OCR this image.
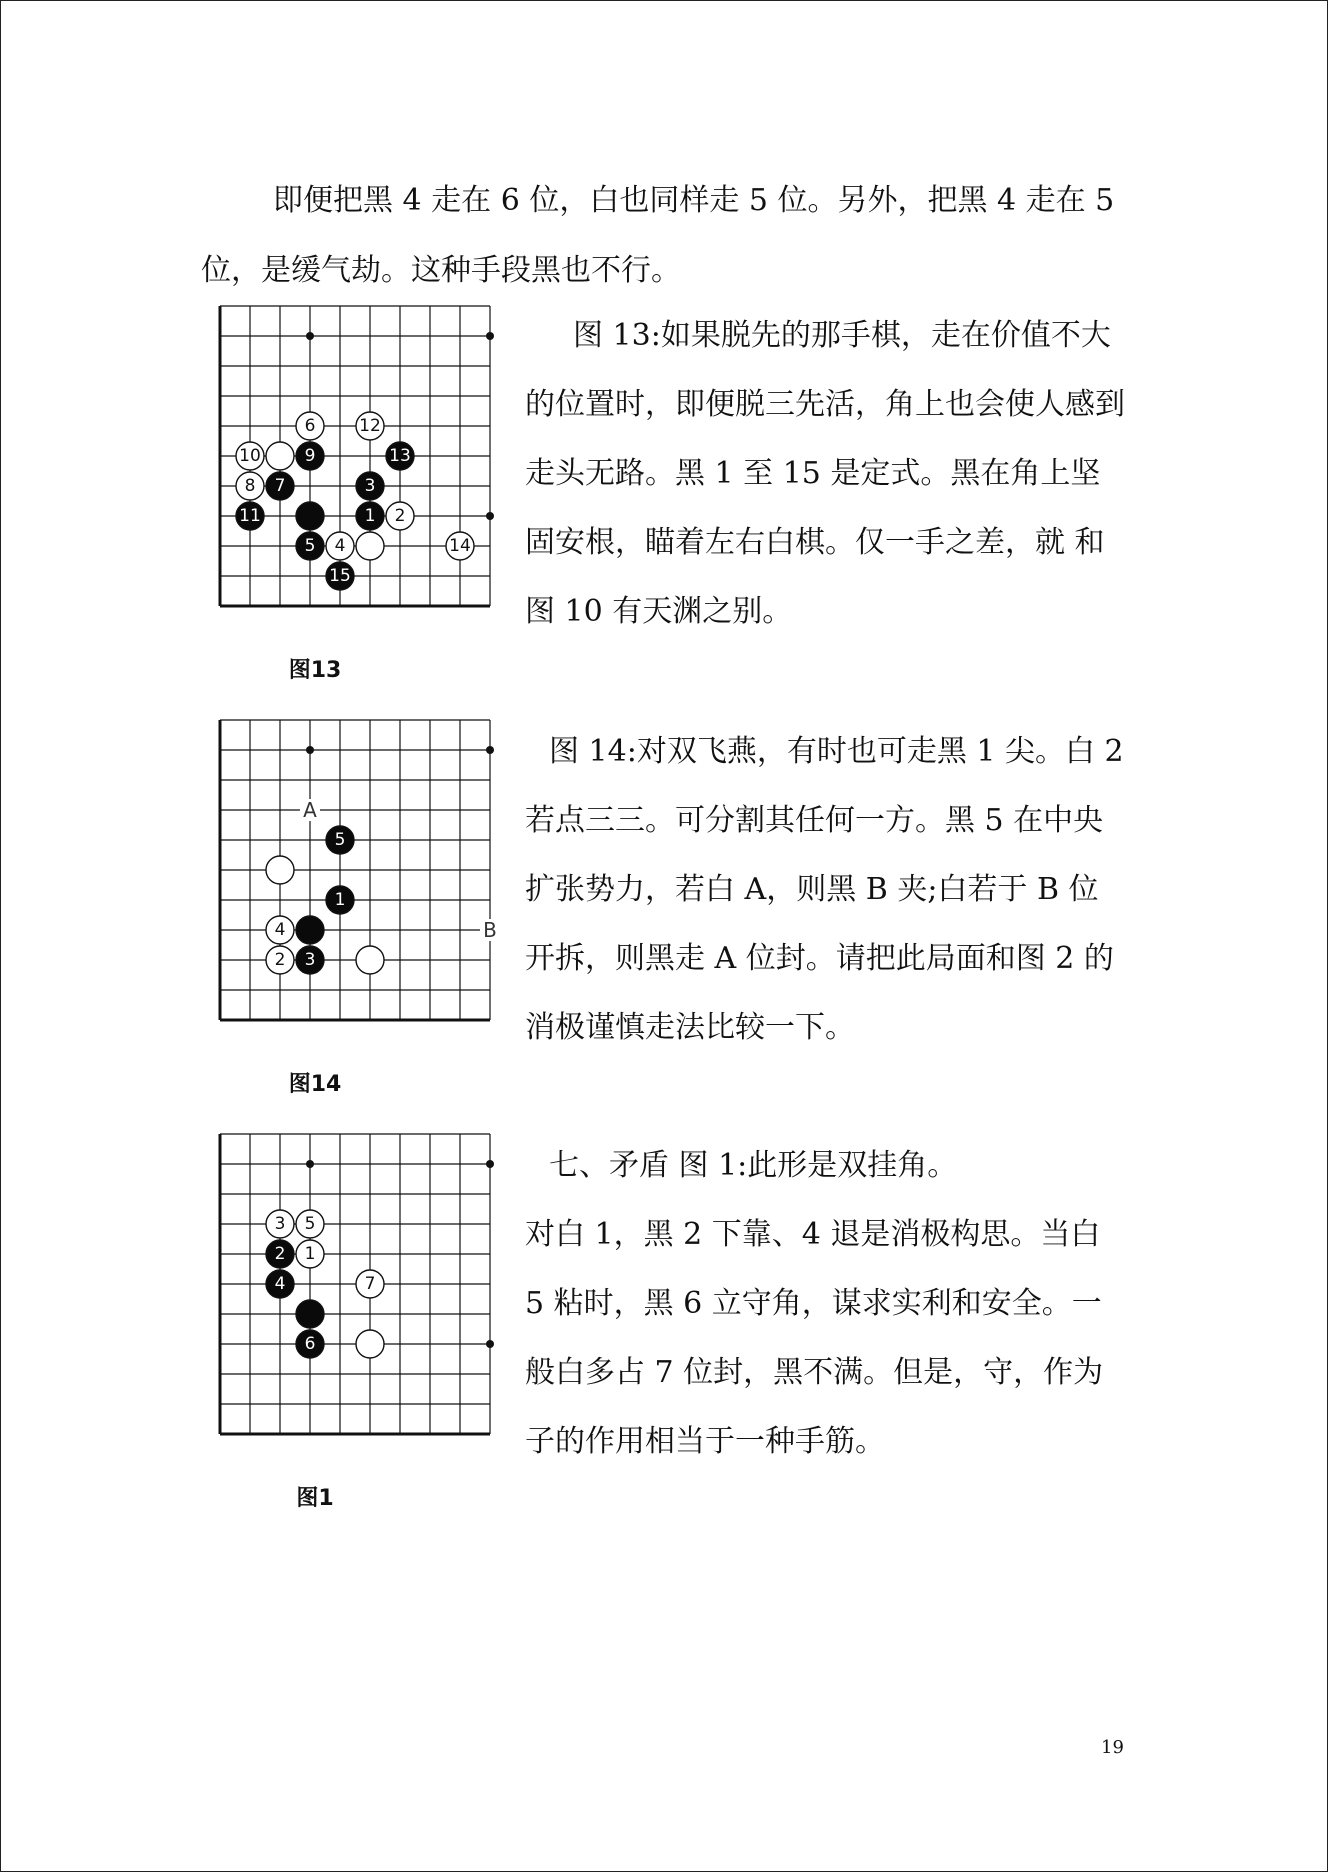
即便把黑 4 走在 6 位，白也同样走 5 位。另外，把黑 4 走在 5 位，是缓气劫。这种手段黑也不行。

6	12
10	9	13
8 7	3
11	1 2
5 4	14
15
图13

图 13:如果脱先的那手棋，走在价值不大的位置时，即便脱三先活，角上也会使人感到走头无路。黑 1 至 15 是定式。黑在角上坚固安根，瞄着左右白棋。仅一手之差，就 和图 10 有天渊之别。

A
B
5
1
4
2 3
图14

图 14:对双飞燕，有时也可走黑 1 尖。白 2 若点三三。可分割其任何一方。黑 5 在中央扩张势力，若白 A，则黑 B 夹;白若于 B 位开拆，则黑走 A 位封。请把此局面和图 2 的消极谨慎走法比较一下。

3 5
2 1
4	7
6
图1

七、矛盾 图 1:此形是双挂角。

对白 1，黑 2 下靠、4 退是消极构思。当白 5 粘时，黑 6 立守角，谋求实利和安全。一般白多占 7 位封，黑不满。但是，守，作为子的作用相当于一种手筋。

19
